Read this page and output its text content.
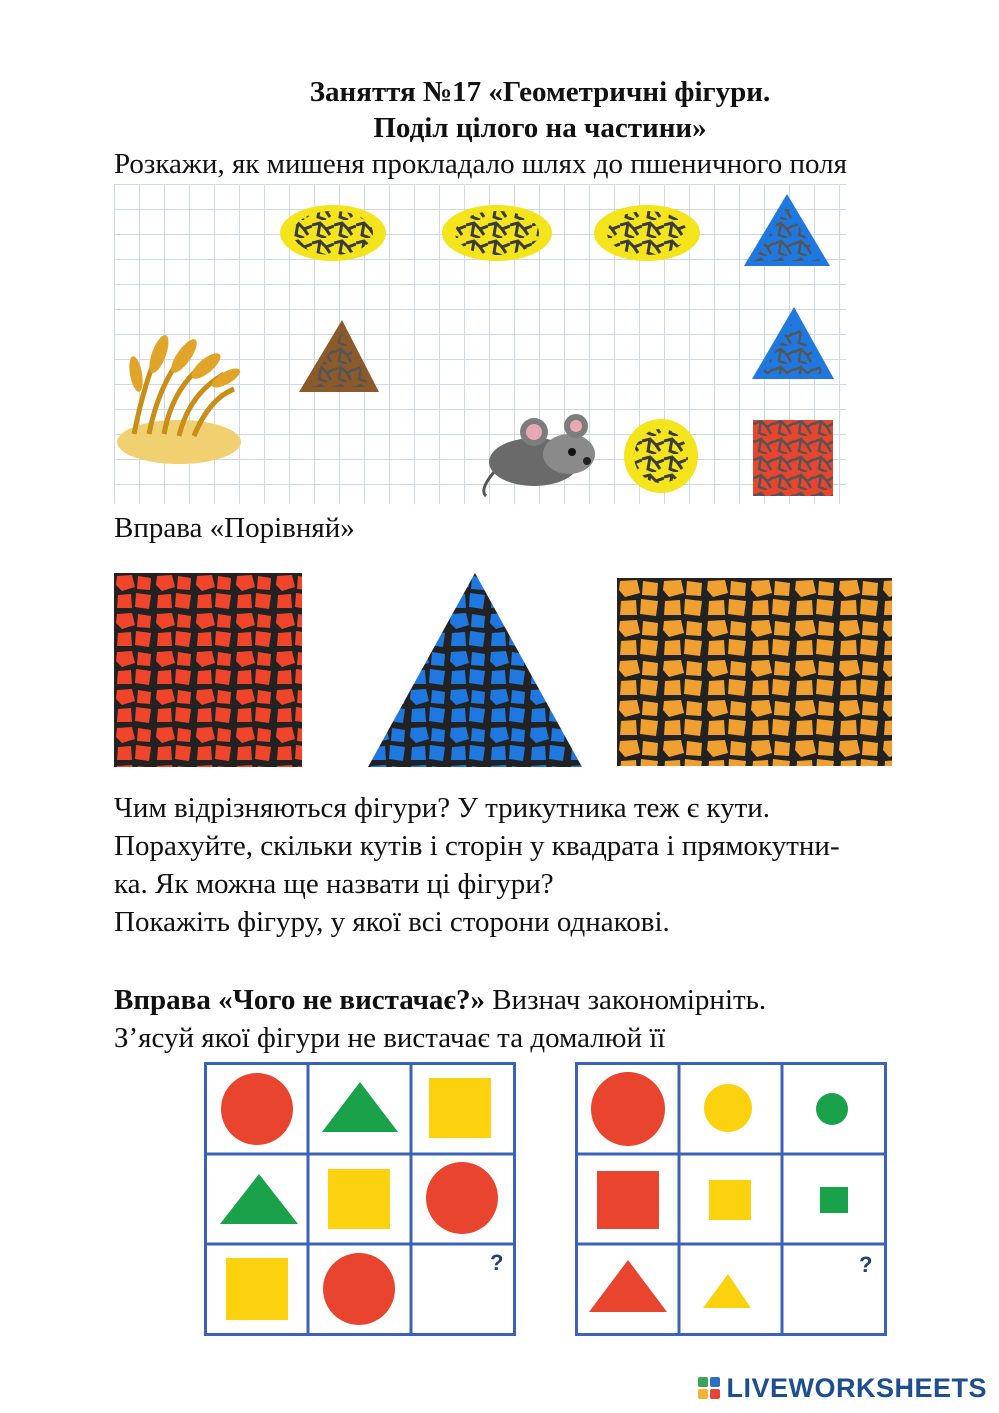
Заняття №17 «Геометричні фігури.
Поділ цілого на частини»
Розкажи, як мишеня прокладало шлях до пшеничного поля
Вправа «Порівняй»
Чим відрізняються фігури? У трикутника теж є кути.
Порахуйте, скільки кутів і сторін у квадрата і прямокутни-
ка. Як можна ще назвати ці фігури?
Покажіть фігуру, у якої всі сторони однакові.
Вправа «Чого не вистачає?» Визнач закономірніть.
З’ясуй якої фігури не вистачає та домалюй її
?	?
LIVEWORKSHEETS
